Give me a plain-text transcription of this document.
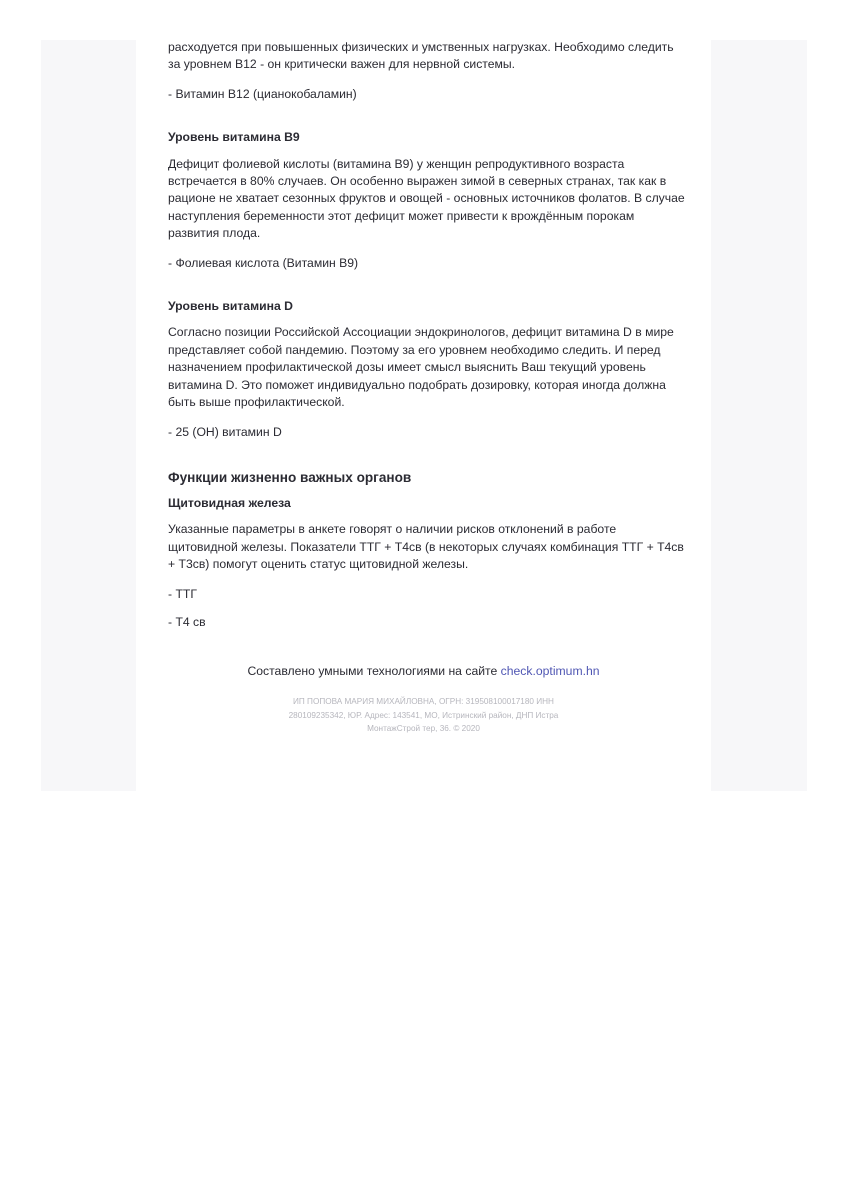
расходуется при повышенных физических и умственных нагрузках. Необходимо следить за уровнем B12 - он критически важен для нервной системы.

- Витамин B12 (цианокобаламин)

Уровень витамина B9

Дефицит фолиевой кислоты (витамина B9) у женщин репродуктивного возраста встречается в 80% случаев. Он особенно выражен зимой в северных странах, так как в рационе не хватает сезонных фруктов и овощей - основных источников фолатов. В случае наступления беременности этот дефицит может привести к врождённым порокам развития плода.

- Фолиевая кислота (Витамин B9)

Уровень витамина D

Согласно позиции Российской Ассоциации эндокринологов, дефицит витамина D в мире представляет собой пандемию. Поэтому за его уровнем необходимо следить. И перед назначением профилактической дозы имеет смысл выяснить Ваш текущий уровень витамина D. Это поможет индивидуально подобрать дозировку, которая иногда должна быть выше профилактической.

- 25 (OH) витамин D

Функции жизненно важных органов

Щитовидная железа

Указанные параметры в анкете говорят о наличии рисков отклонений в работе щитовидной железы. Показатели ТТГ + Т4св (в некоторых случаях комбинация ТТГ + Т4св + Т3св) помогут оценить статус щитовидной железы.

- ТТГ

- Т4 св

Составлено умными технологиями на сайте check.optimum.hn

ИП ПОПОВА МАРИЯ МИХАЙЛОВНА, ОГРН: 319508100017180 ИНН 280109235342, ЮР. Адрес: 143541, МО, Истринский район, ДНП Истра МонтажСтрой тер, 36. © 2020
